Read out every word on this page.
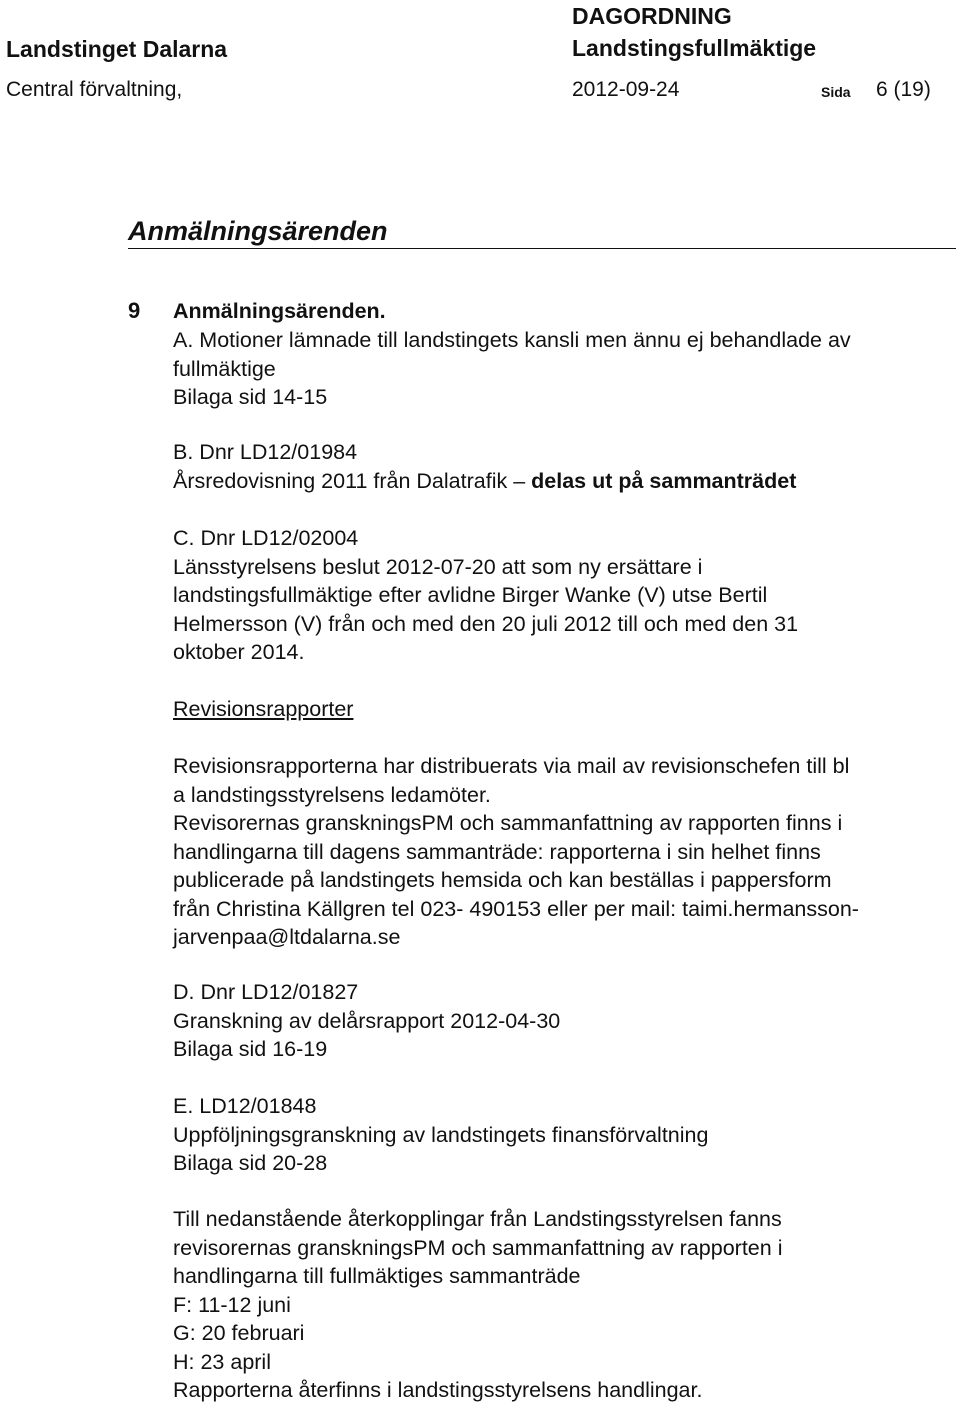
Landstinget Dalarna
Central förvaltning,
DAGORDNING
Landstingsfullmäktige
2012-09-24	Sida 6 (19)
Anmälningsärenden
9 Anmälningsärenden.
A. Motioner lämnade till landstingets kansli men ännu ej behandlade av
fullmäktige
Bilaga sid 14-15
B. Dnr LD12/01984
Årsredovisning 2011 från Dalatrafik – delas ut på sammanträdet
C. Dnr LD12/02004
Länsstyrelsens beslut 2012-07-20 att som ny ersättare i
landstingsfullmäktige efter avlidne Birger Wanke (V) utse Bertil
Helmersson (V) från och med den 20 juli 2012 till och med den 31
oktober 2014.
Revisionsrapporter
Revisionsrapporterna har distribuerats via mail av revisionschefen till bl
a landstingsstyrelsens ledamöter.
Revisorernas granskningsPM och sammanfattning av rapporten finns i
handlingarna till dagens sammanträde: rapporterna i sin helhet finns
publicerade på landstingets hemsida och kan beställas i pappersform
från Christina Källgren tel 023- 490153 eller per mail: taimi.hermansson-
jarvenpaa@ltdalarna.se
D. Dnr LD12/01827
Granskning av delårsrapport 2012-04-30
Bilaga sid 16-19
E. LD12/01848
Uppföljningsgranskning av landstingets finansförvaltning
Bilaga sid 20-28
Till nedanstående återkopplingar från Landstingsstyrelsen fanns
revisorernas granskningsPM och sammanfattning av rapporten i
handlingarna till fullmäktiges sammanträde
F: 11-12 juni
G: 20 februari
H: 23 april
Rapporterna återfinns i landstingsstyrelsens handlingar.
